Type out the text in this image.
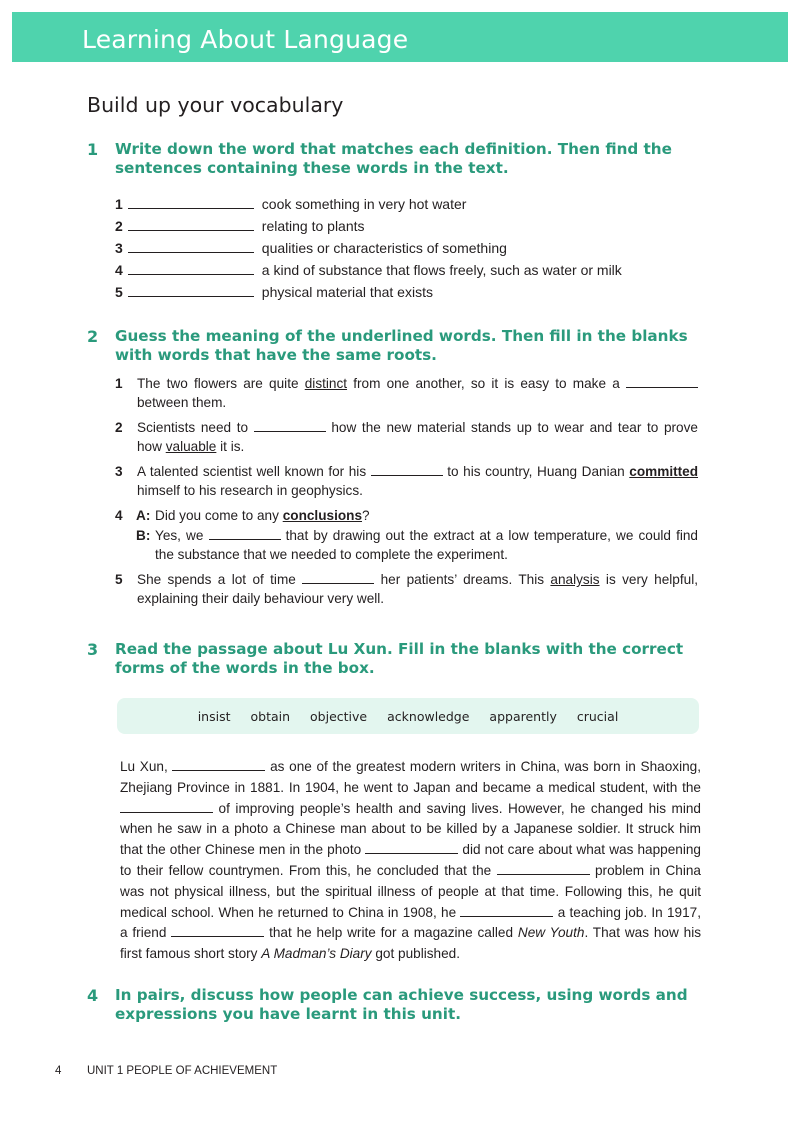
Learning About Language
Build up your vocabulary
1 Write down the word that matches each definition. Then find the sentences containing these words in the text.
1	cook something in very hot water
2	relating to plants
3	qualities or characteristics of something
4	a kind of substance that flows freely, such as water or milk
5	physical material that exists
2 Guess the meaning of the underlined words. Then fill in the blanks with words that have the same roots.
1 The two flowers are quite distinct from one another, so it is easy to make a  between them.
2 Scientists need to	how the new material stands up to wear and tear to prove how valuable it is.
3 A talented scientist well known for his	to his country, Huang Danian committed himself to his research in geophysics.
4 A: Did you come to any conclusions?
B: Yes, we	that by drawing out the extract at a low temperature, we could find the substance that we needed to complete the experiment.
5 She spends a lot of time	her patients’ dreams. This analysis is very helpful, explaining their daily behaviour very well.
3 Read the passage about Lu Xun. Fill in the blanks with the correct forms of the words in the box.
insist obtain objective acknowledge apparently crucial
Lu Xun,	as one of the greatest modern writers in China, was born in Shaoxing, Zhejiang Province in 1881. In 1904, he went to Japan and became a medical student, with the  of improving people’s health and saving lives. However, he changed his mind when he saw in a photo a Chinese man about to be killed by a Japanese soldier. It struck him that the other Chinese men in the photo	did not care about what was happening to their fellow countrymen. From this, he concluded that the	problem in China was not physical illness, but the spiritual illness of people at that time. Following this, he quit medical school. When he returned to China in 1908, he	a teaching job. In 1917, a friend	that he help write for a magazine called New Youth. That was how his first famous short story A Madman’s Diary got published.
4 In pairs, discuss how people can achieve success, using words and expressions you have learnt in this unit.
4 UNIT 1 PEOPLE OF ACHIEVEMENT
